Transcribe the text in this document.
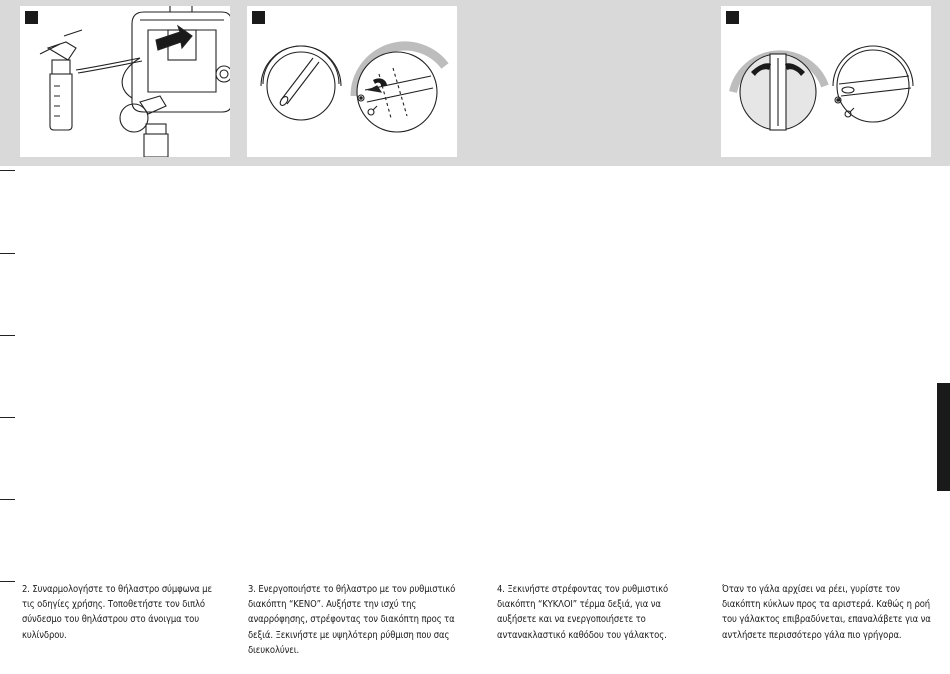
2. Συναρμολογήστε το θήλαστρο σύμφωνα με τις οδηγίες χρήσης. Τοποθετήστε τον διπλό σύνδεσμο του θηλάστρου στο άνοιγμα του κυλίνδρου.
3. Ενεργοποιήστε το θήλαστρο με τον ρυθμιστικό διακόπτη “ΚΕΝΟ”. Αυξήστε την ισχύ της αναρρόφησης, στρέφοντας τον διακόπτη προς τα δεξιά. Ξεκινήστε με υψηλότερη ρύθμιση που σας διευκολύνει.
4. Ξεκινήστε στρέφοντας τον ρυθμιστικό διακόπτη “ΚΥΚΛΟΙ” τέρμα δεξιά, για να αυξήσετε και να ενεργοποιήσετε το αντανακλαστικό καθόδου του γάλακτος.
Όταν το γάλα αρχίσει να ρέει, γυρίστε τον διακόπτη κύκλων προς τα αριστερά. Καθώς η ροή του γάλακτος επιβραδύνεται, επαναλάβετε για να αντλήσετε περισσότερο γάλα πιο γρήγορα.
